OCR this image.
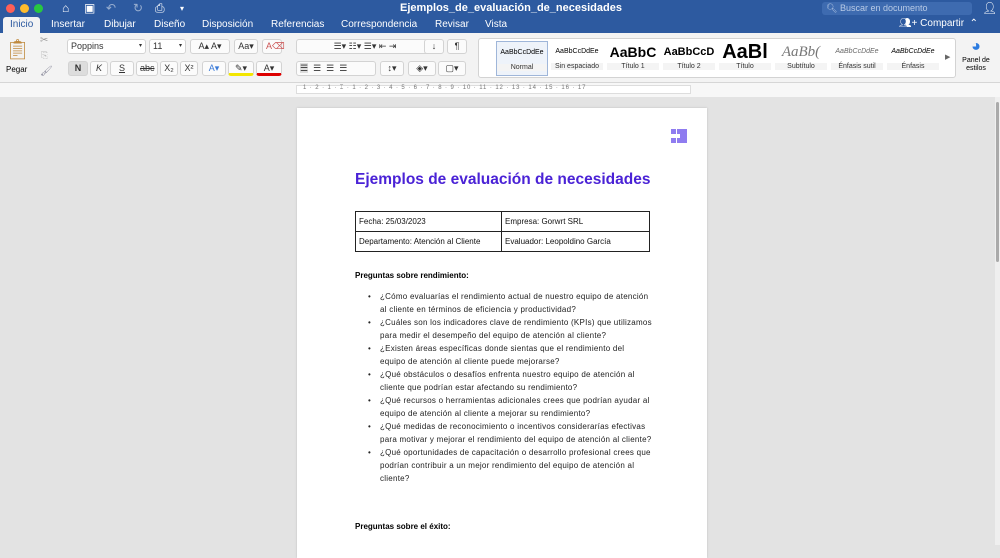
⌂ ▣ ↶ ↻ ⎙ ▾	Ejemplos_de_evaluación_de_necesidades	🔍︎ Buscar en documento	👤︎
Inicio	Insertar Dibujar Diseño Disposición Referencias Correspondencia Revisar Vista	👥︎+ Compartir  ⌃
📋︎
Pegar
✂
⎘
🖌︎
Poppins	▾	11	▾	A▴ A▾	Aa▾	A⌫
N	K	S	abc	X₂	X²	A▾	✎▾	A▾
☰▾ ☷▾ ☰▾ ⇤ ⇥	↓	¶
☰  ☰  ☰  ☰	↕▾	◈▾	▢▾
AaBbCcDdEe
Normal
AaBbCcDdEe
Sin espaciado
AaBbC
Título 1
AaBbCcD
Título 2
AaBl
Título
AaBb(
Subtítulo
AaBbCcDdEe
Énfasis sutil
AaBbCcDdEe
Énfasis
▶
◕
Panel de estilos
1 · 2 · 1 · ⌶ · 1 · 2 · 3 · 4 · 5 · 6 · 7 · 8 · 9 · 10 · 11 · 12 · 13 · 14 · 15 · 16 · 17
Ejemplos de evaluación de necesidades
Fecha: 25/03/2023	Empresa: Gorwrt SRL
Departamento: Atención al Cliente	Evaluador: Leopoldino García
Preguntas sobre rendimiento:
• ¿Cómo evaluarías el rendimiento actual de nuestro equipo de atención al cliente en términos de eficiencia y productividad?
• ¿Cuáles son los indicadores clave de rendimiento (KPIs) que utilizamos para medir el desempeño del equipo de atención al cliente?
• ¿Existen áreas específicas donde sientas que el rendimiento del equipo de atención al cliente puede mejorarse?
• ¿Qué obstáculos o desafíos enfrenta nuestro equipo de atención al cliente que podrían estar afectando su rendimiento?
• ¿Qué recursos o herramientas adicionales crees que podrían ayudar al equipo de atención al cliente a mejorar su rendimiento?
• ¿Qué medidas de reconocimiento o incentivos considerarías efectivas para motivar y mejorar el rendimiento del equipo de atención al cliente?
• ¿Qué oportunidades de capacitación o desarrollo profesional crees que podrían contribuir a un mejor rendimiento del equipo de atención al cliente?
Preguntas sobre el éxito:
